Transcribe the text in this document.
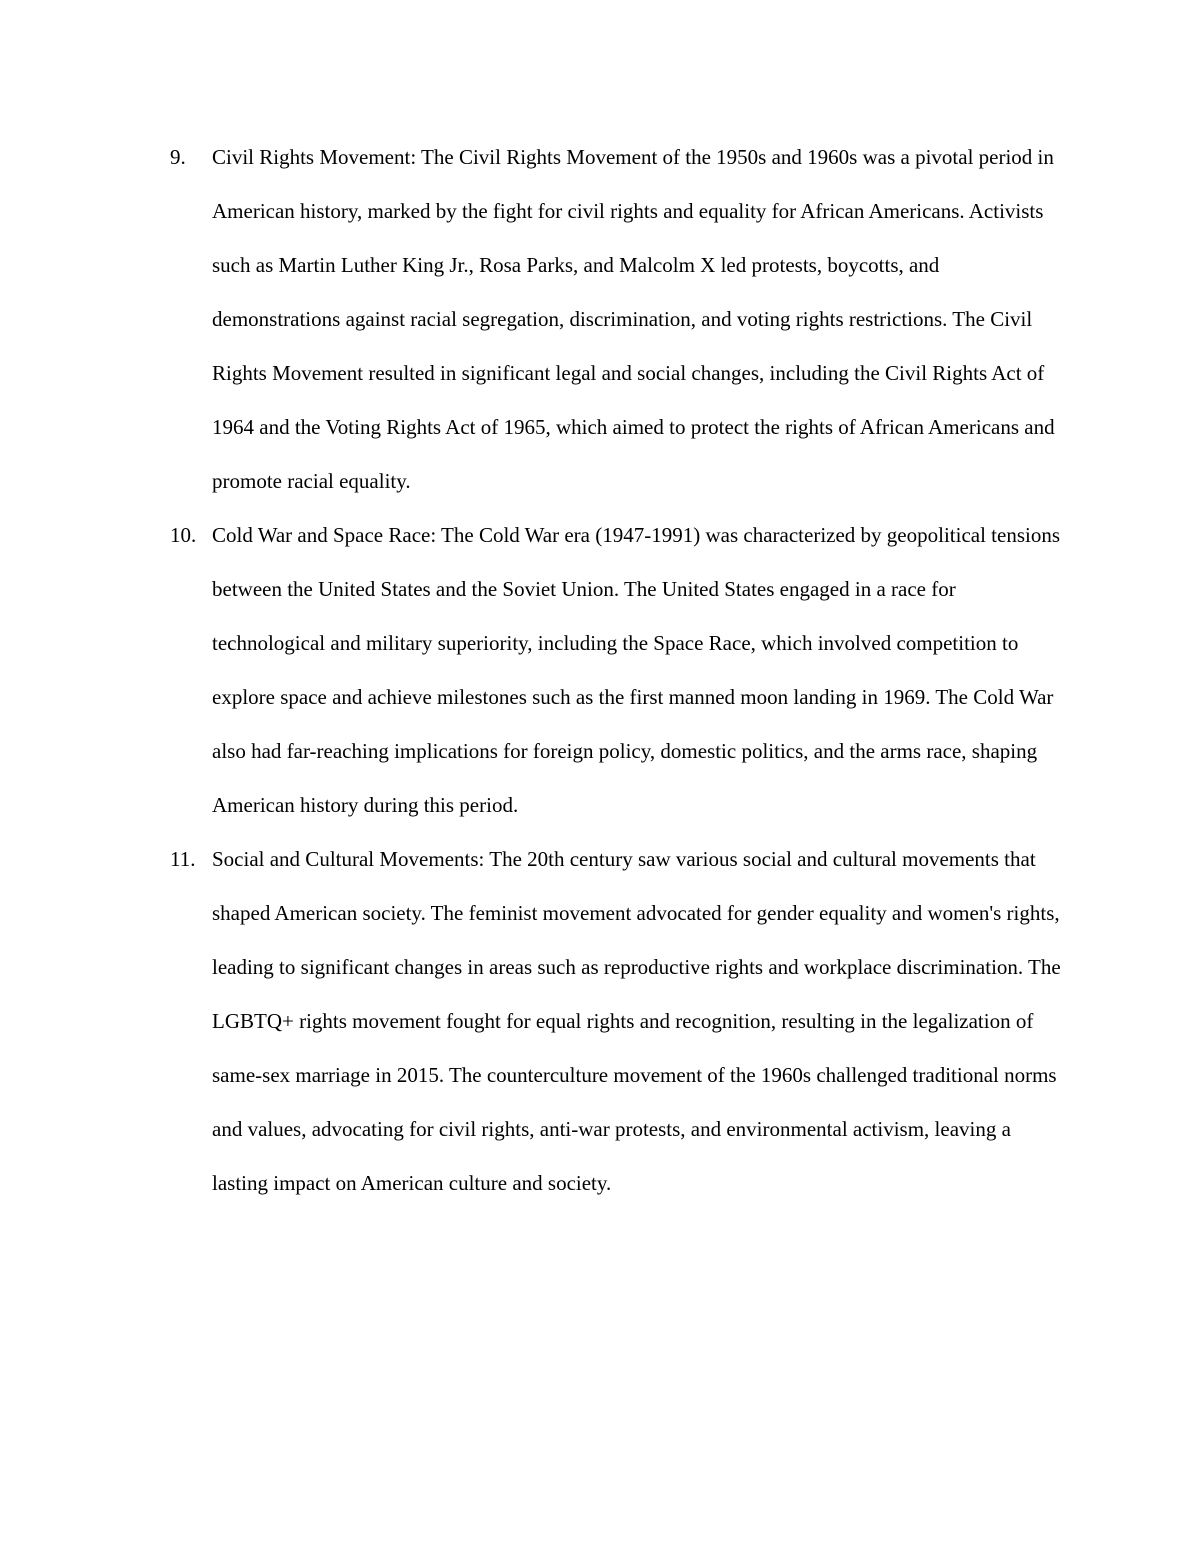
9.	Civil Rights Movement: The Civil Rights Movement of the 1950s and 1960s was a pivotal period in American history, marked by the fight for civil rights and equality for African Americans. Activists such as Martin Luther King Jr., Rosa Parks, and Malcolm X led protests, boycotts, and demonstrations against racial segregation, discrimination, and voting rights restrictions. The Civil Rights Movement resulted in significant legal and social changes, including the Civil Rights Act of 1964 and the Voting Rights Act of 1965, which aimed to protect the rights of African Americans and promote racial equality.
10. Cold War and Space Race: The Cold War era (1947-1991) was characterized by geopolitical tensions between the United States and the Soviet Union. The United States engaged in a race for technological and military superiority, including the Space Race, which involved competition to explore space and achieve milestones such as the first manned moon landing in 1969. The Cold War also had far-reaching implications for foreign policy, domestic politics, and the arms race, shaping American history during this period.
11. Social and Cultural Movements: The 20th century saw various social and cultural movements that shaped American society. The feminist movement advocated for gender equality and women's rights, leading to significant changes in areas such as reproductive rights and workplace discrimination. The LGBTQ+ rights movement fought for equal rights and recognition, resulting in the legalization of same-sex marriage in 2015. The counterculture movement of the 1960s challenged traditional norms and values, advocating for civil rights, anti-war protests, and environmental activism, leaving a lasting impact on American culture and society.
